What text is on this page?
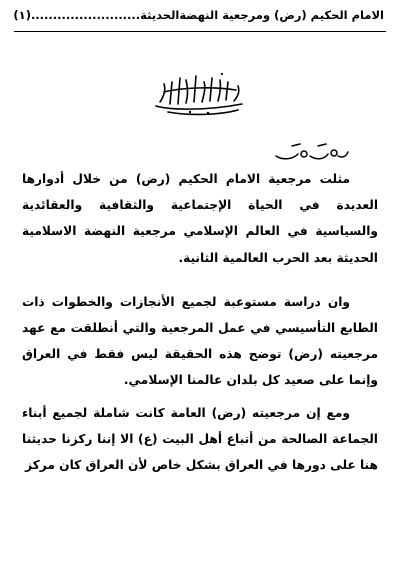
الامام الحكيم (رض) ومرجعية النهضةالحديثة.........................(١)

مثلت مرجعية الامام الحكيم (رض) من خلال أدوارها العديدة في الحياة الإجتماعية والثقافية والعقائدية والسياسية في العالم الإسلامي مرجعية النهضة الاسلامية الحديثة بعد الحرب العالمية الثانية.

وان دراسة مستوعبة لجميع الأنجازات والخطوات ذات الطابع التأسيسي في عمل المرجعية والتي أنطلقت مع عهد مرجعيته (رض) توضح هذه الحقيقة ليس فقط في العراق وإنما على صعيد كل بلدان عالمنا الإسلامي.

ومع إن مرجعيته (رض) العامة كانت شاملة لجميع أبناء الجماعة الصالحة من أتباع أهل البيت (ع) الا إننا ركزنا حديثنا هنا على دورها في العراق بشكل خاص لأن العراق كان مركز
